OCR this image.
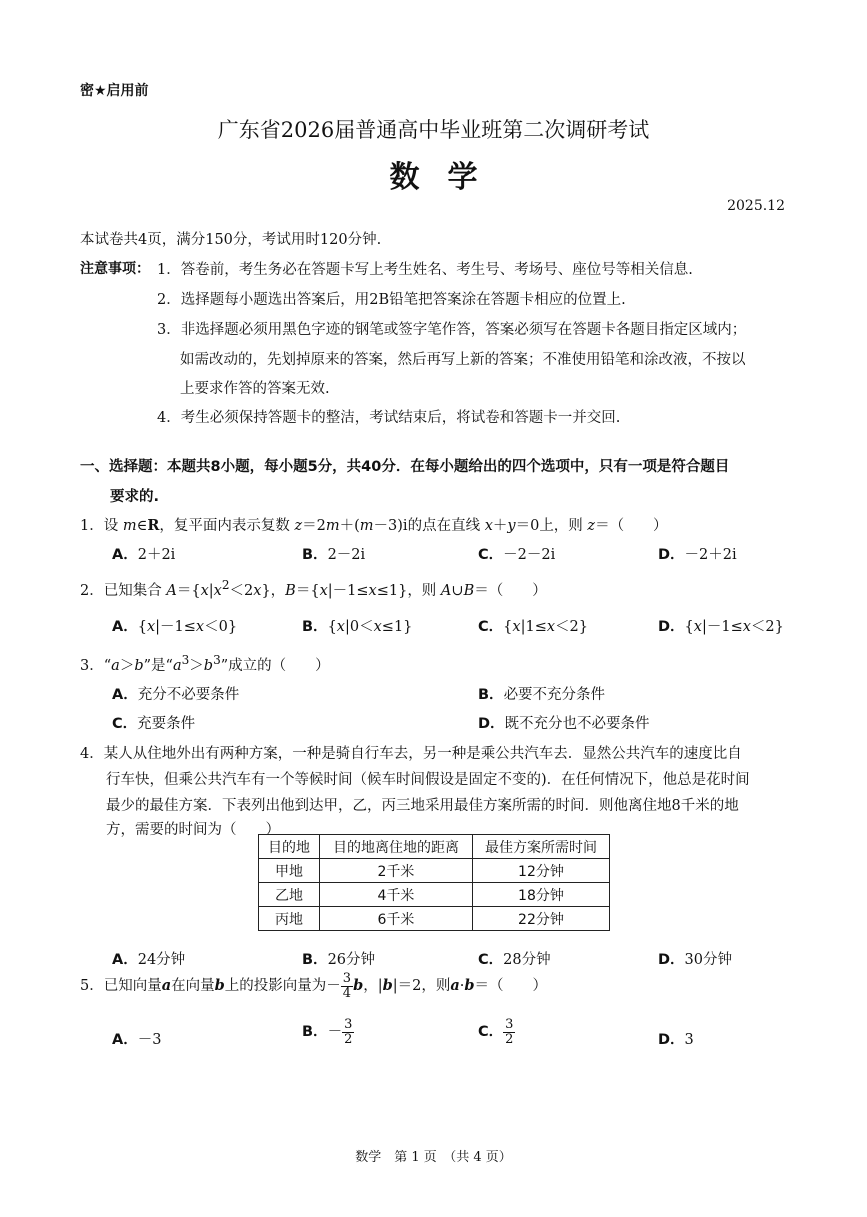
密★启用前
广东省2026届普通高中毕业班第二次调研考试
数学
2025.12
本试卷共4页，满分150分，考试用时120分钟.
注意事项： 1．答卷前，考生务必在答题卡写上考生姓名、考生号、考场号、座位号等相关信息.
2．选择题每小题选出答案后，用2B铅笔把答案涂在答题卡相应的位置上.
3．非选择题必须用黑色字迹的钢笔或签字笔作答，答案必须写在答题卡各题目指定区域内；
如需改动的，先划掉原来的答案，然后再写上新的答案；不准使用铅笔和涂改液，不按以
上要求作答的答案无效.
4．考生必须保持答题卡的整洁，考试结束后，将试卷和答题卡一并交回.
一、选择题：本题共8小题，每小题5分，共40分．在每小题给出的四个选项中，只有一项是符合题目
要求的.
1．设 m∈R，复平面内表示复数 z＝2m＋(m－3)i的点在直线 x＋y＝0上，则 z＝（　　）
A．2＋2i	B．2－2i	C．－2－2i	D．－2＋2i
2．已知集合 $A=\{x|x^2<2x\}$，B＝{x|－1≤x≤1}，则 A∪B＝（　　）
A．{x|－1≤x＜0}	B．{x|0＜x≤1}	C．{x|1≤x＜2}	D．{x|－1≤x＜2}
3．“a＞b”是“$a^3>b^3$”成立的（　　）
A．充分不必要条件	B．必要不充分条件
C．充要条件	D．既不充分也不必要条件
4．某人从住地外出有两种方案，一种是骑自行车去，另一种是乘公共汽车去．显然公共汽车的速度比自
行车快，但乘公共汽车有一个等候时间（候车时间假设是固定不变的)．在任何情况下，他总是花时间
最少的最佳方案．下表列出他到达甲，乙，丙三地采用最佳方案所需的时间．则他离住地8千米的地
方，需要的时间为（　　）
目的地	目的地离住地的距离	最佳方案所需时间
甲地	2千米	12分钟
乙地	4千米	18分钟
丙地	6千米	22分钟
A．24分钟	B．26分钟	C．28分钟	D．30分钟
5．已知向量a在向量b上的投影向量为－ $\frac{3}{4}$ b，|b|＝2，则a·b＝（　　）
A．－3	B．－ $\frac{3}{2}$	C． $\frac{3}{2}$	D．3
数学　第 1 页　（共 4 页）
